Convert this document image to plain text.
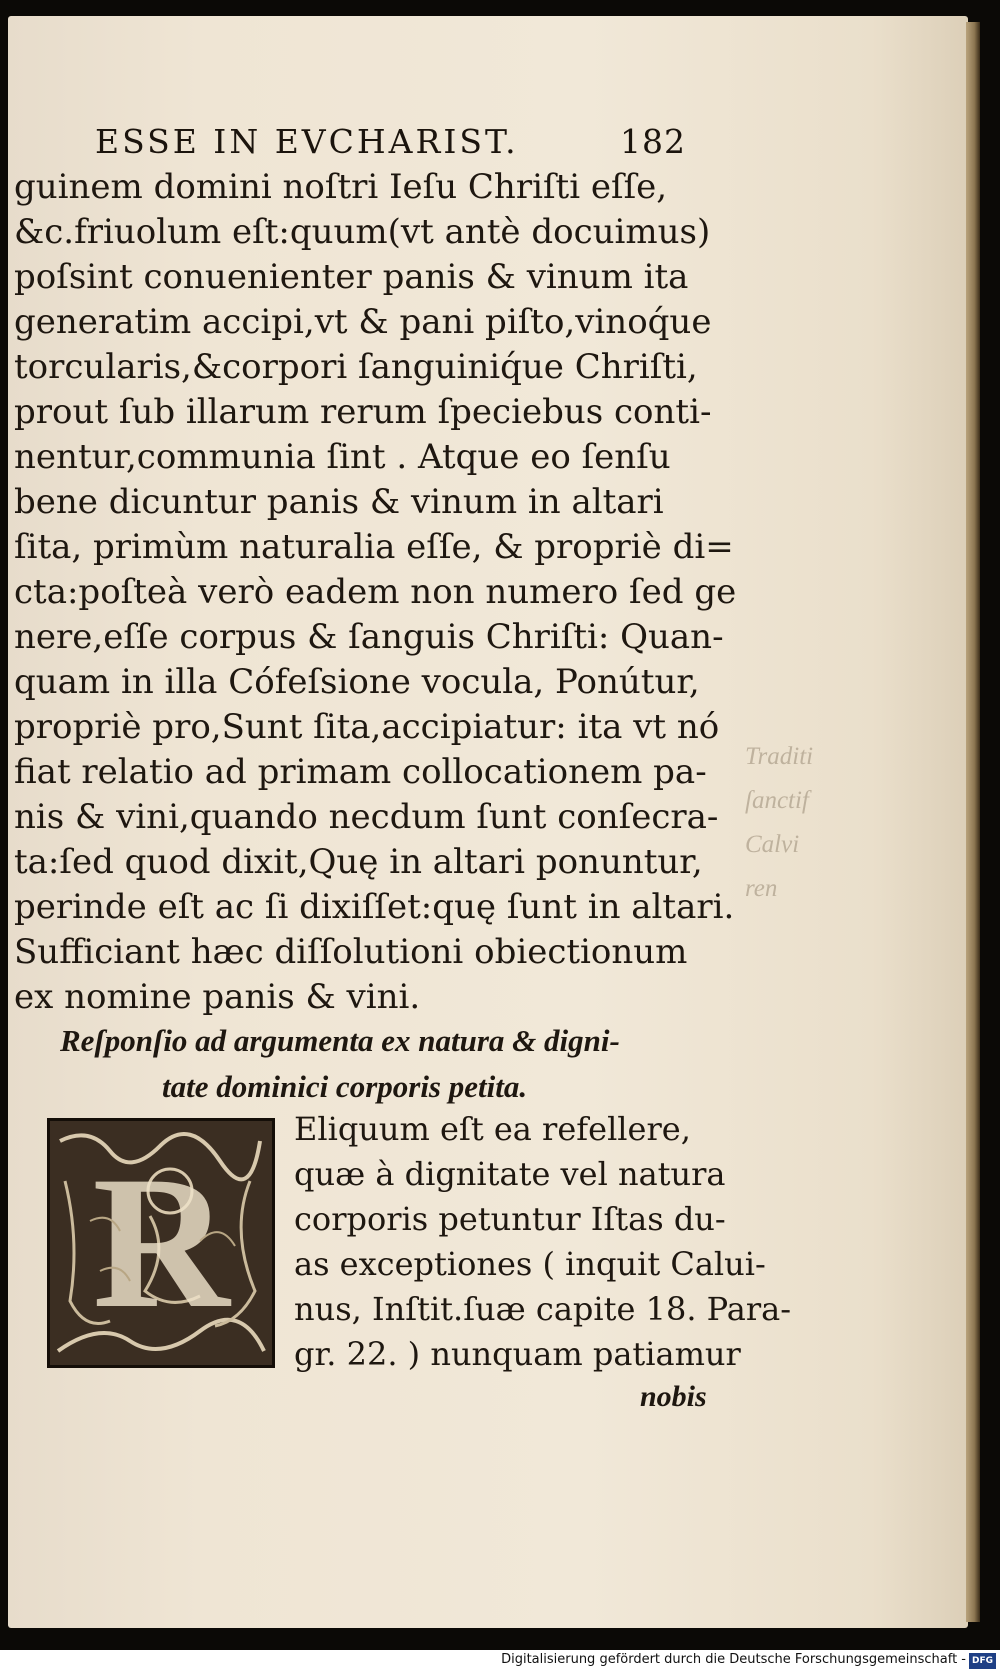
ESSE IN EVCHARIST.	182
guinem domini noſtri Ieſu Chriſti eſſe,
&c.friuolum eſt:quum(vt antè docuimus)
poſsint conuenienter panis & vinum ita
generatim accipi,vt & pani piſto,vinoq́ue
torcularis,&corpori ſanguiniq́ue Chriſti,
prout ſub illarum rerum ſpeciebus conti-
nentur,communia ſint . Atque eo ſenſu
bene dicuntur panis & vinum in altari
ſita, primùm naturalia eſſe, & propriè di=
cta:poſteà verò eadem non numero ſed ge
nere,eſſe corpus & ſanguis Chriſti: Quan-
quam in illa Cófeſsione vocula, Ponútur,
propriè pro,Sunt ſita,accipiatur: ita vt nó
fiat relatio ad primam collocationem pa-
nis & vini,quando necdum ſunt conſecra-
ta:ſed quod dixit,Quę in altari ponuntur,
perinde eſt ac ſi dixiſſet:quę ſunt in altari.
Sufficiant hæc diſſolutioni obiectionum
ex nomine panis & vini.
Reſponſio ad argumenta ex natura & digni-
tate dominici corporis petita.
R
Eliquum eſt ea refellere,
quæ à dignitate vel natura
corporis petuntur Iſtas du-
as exceptiones ( inquit Calui-
nus, Inſtit.ſuæ capite 18. Para-
gr. 22. ) nunquam patiamur
nobis
Traditi
ſanctif
Calvi
ren
Digitalisierung gefördert durch die Deutsche Forschungsgemeinschaft - DFG
